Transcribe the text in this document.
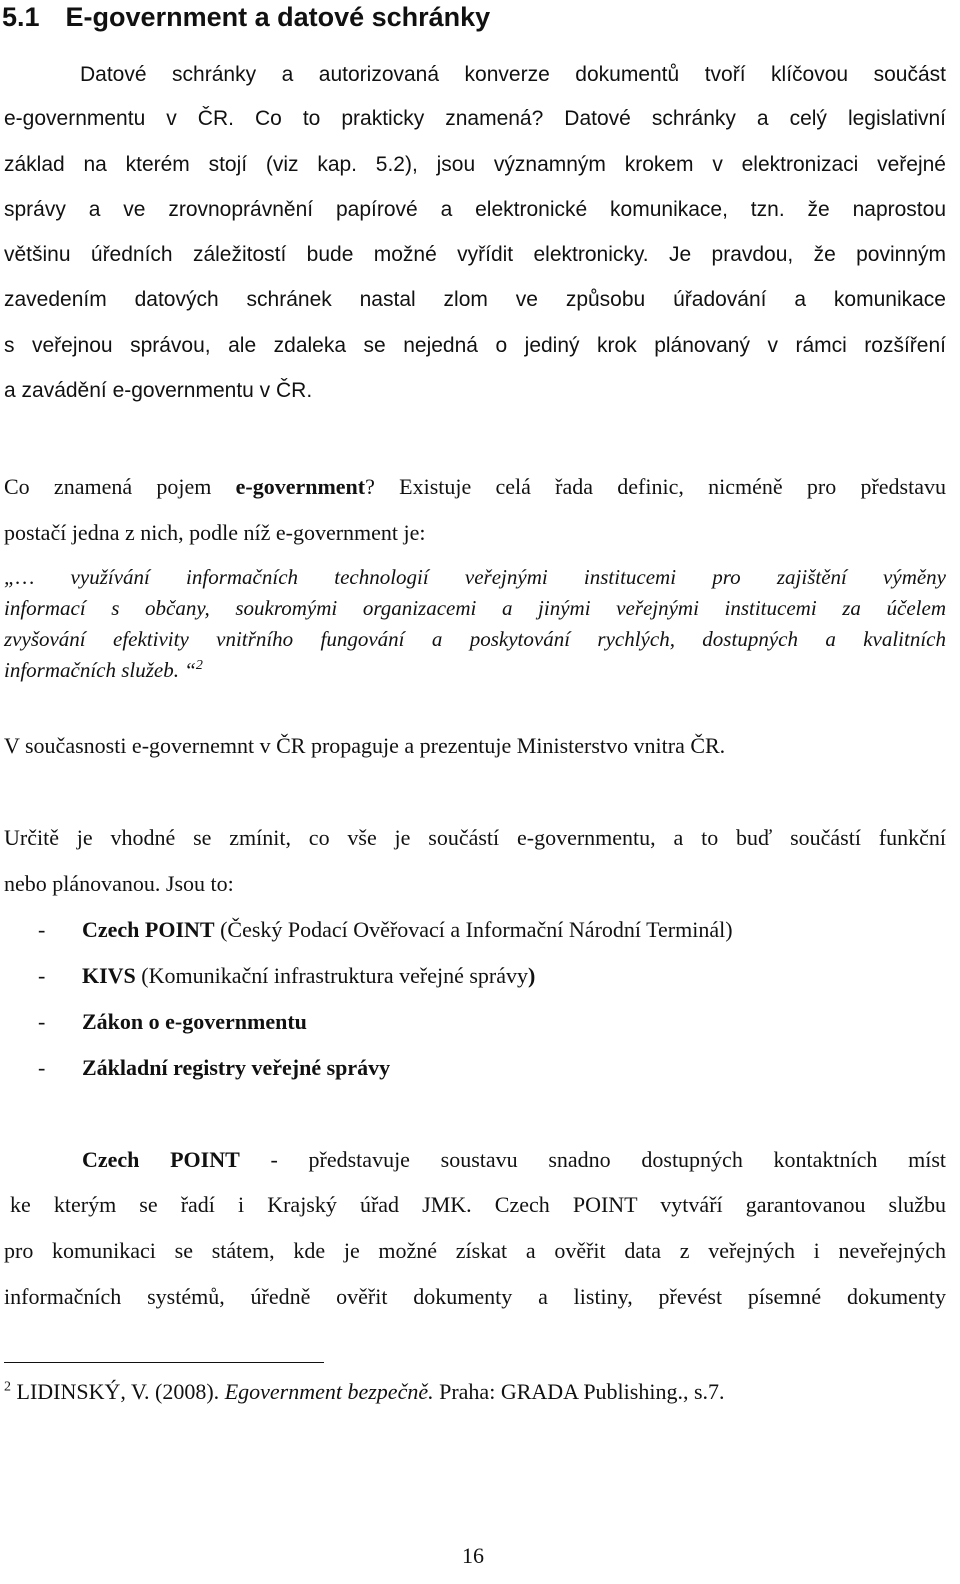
5.1 E-government a datové schránky
Datové schránky a autorizovaná konverze dokumentů tvoří klíčovou součást
e-governmentu v ČR. Co to prakticky znamená? Datové schránky a celý legislativní
základ na kterém stojí (viz kap. 5.2), jsou významným krokem v elektronizaci veřejné
správy a ve zrovnoprávnění papírové a elektronické komunikace, tzn. že naprostou
většinu úředních záležitostí bude možné vyřídit elektronicky. Je pravdou, že povinným
zavedením datových schránek nastal zlom ve způsobu úřadování a komunikace
s veřejnou správou, ale zdaleka se nejedná o jediný krok plánovaný v rámci rozšíření
a zavádění e-governmentu v ČR.
Co znamená pojem e-government? Existuje celá řada definic, nicméně pro představu
postačí jedna z nich, podle níž e-government je:
„… využívání informačních technologií veřejnými institucemi pro zajištění výměny
informací s občany, soukromými organizacemi a jinými veřejnými institucemi za účelem
zvyšování efektivity vnitřního fungování a poskytování rychlých, dostupných a kvalitních
informačních služeb. “$^2$
V současnosti e-governemnt v ČR propaguje a prezentuje Ministerstvo vnitra ČR.
Určitě je vhodné se zmínit, co vše je součástí e-governmentu, a to buď součástí funkční
nebo plánovanou. Jsou to:
- Czech POINT (Český Podací Ověřovací a Informační Národní Terminál)
- KIVS (Komunikační infrastruktura veřejné správy)
- Zákon o e-governmentu
- Základní registry veřejné správy
Czech POINT - představuje soustavu snadno dostupných kontaktních míst
ke kterým se řadí i Krajský úřad JMK. Czech POINT vytváří garantovanou službu
pro komunikaci se státem, kde je možné získat a ověřit data z veřejných i neveřejných
informačních systémů, úředně ověřit dokumenty a listiny, převést písemné dokumenty
$^2$ LIDINSKÝ, V. (2008). Egovernment bezpečně. Praha: GRADA Publishing., s.7.
16
